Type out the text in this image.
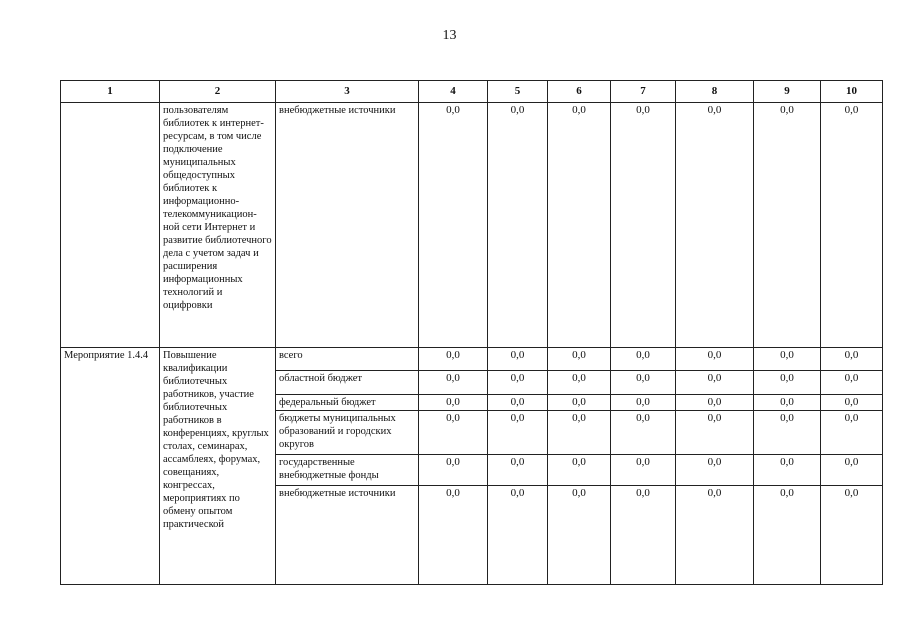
13
1	2	3	4	5	6	7	8	9	10
	пользователям библиотек к интернет-ресурсам, в том числе подключение муниципальных общедоступных библиотек к информационно-телекоммуникацион-ной сети Интернет и развитие библиотечного дела с учетом задач и расширения информационных технологий и оцифровки	внебюджетные источники	0,0	0,0	0,0	0,0	0,0	0,0	0,0
Мероприятие 1.4.4	Повышение квалификации библиотечных работников, участие библиотечных работников в конференциях, круглых столах, семинарах, ассамблеях, форумах, совещаниях, конгрессах, мероприятиях по обмену опытом практической	всего	0,0	0,0	0,0	0,0	0,0	0,0	0,0
		областной бюджет	0,0	0,0	0,0	0,0	0,0	0,0	0,0
		федеральный бюджет	0,0	0,0	0,0	0,0	0,0	0,0	0,0
		бюджеты муниципальных образований и городских округов	0,0	0,0	0,0	0,0	0,0	0,0	0,0
		государственные внебюджетные фонды	0,0	0,0	0,0	0,0	0,0	0,0	0,0
		внебюджетные источники	0,0	0,0	0,0	0,0	0,0	0,0	0,0
